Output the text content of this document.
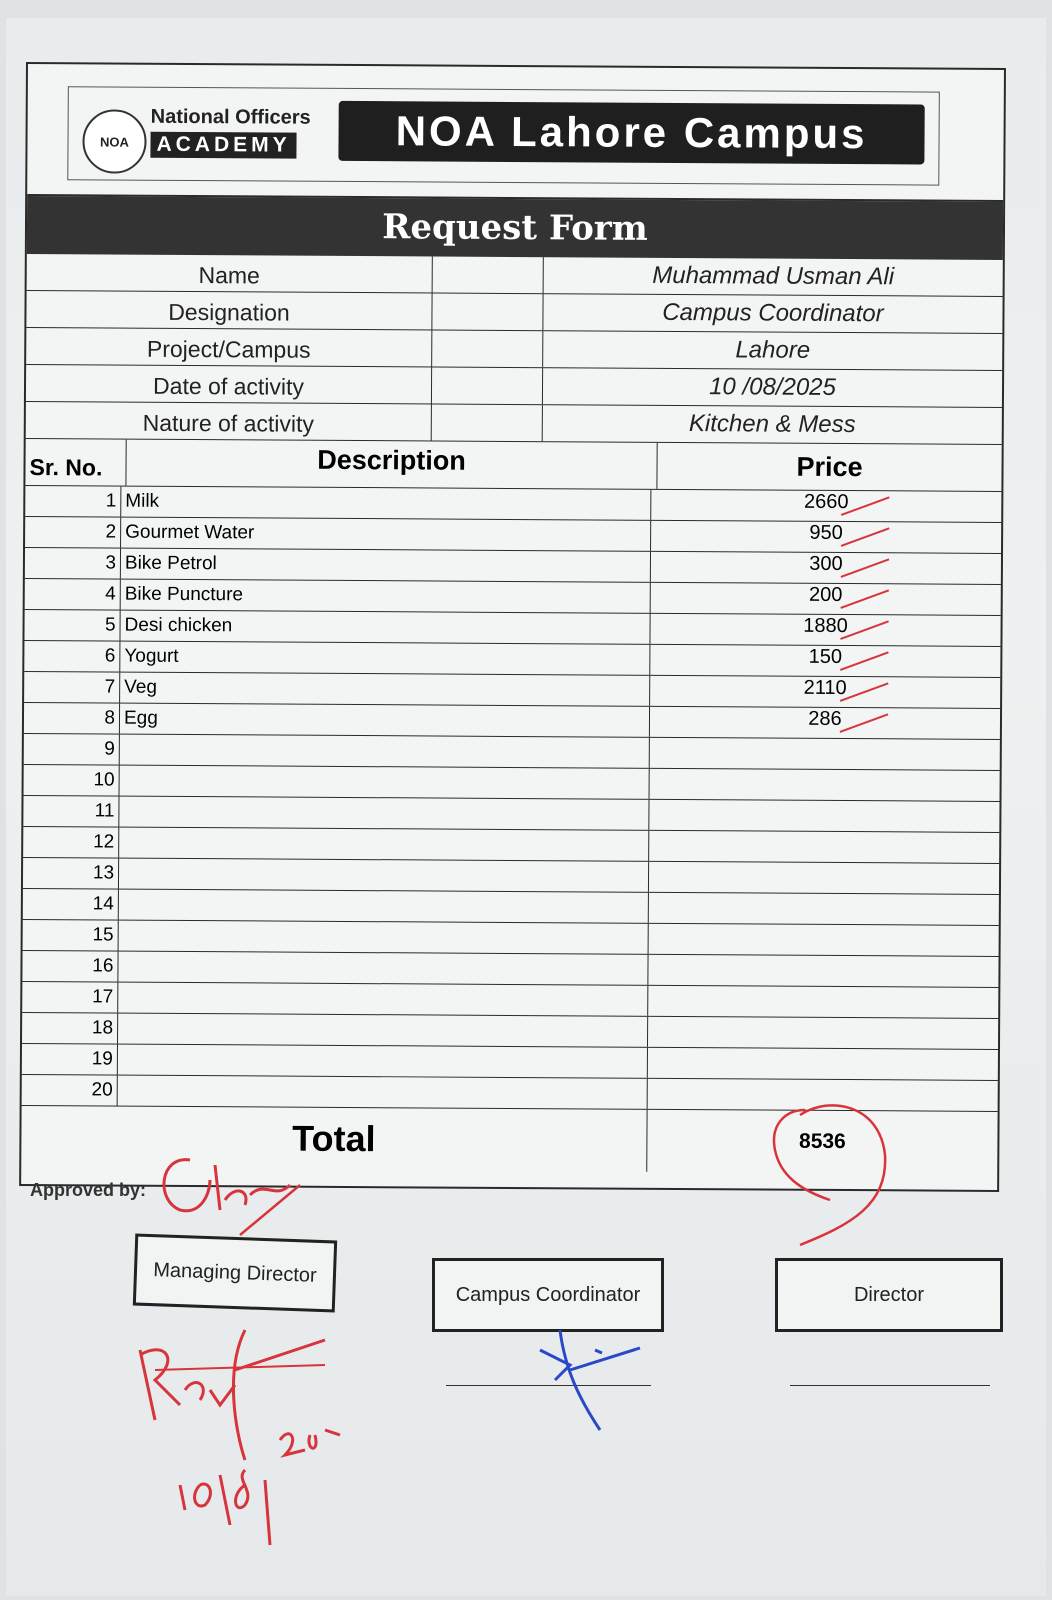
NOA
National Officers
ACADEMY	NOA Lahore Campus
Request Form
Name	Muhammad Usman Ali
Designation	Campus Coordinator
Project/Campus	Lahore
Date of activity	10 /08/2025
Nature of activity	Kitchen & Mess
Sr. No.	Description	Price
1 Milk	2660
2 Gourmet Water	950
3 Bike Petrol	300
4 Bike Puncture	200
5 Desi chicken	1880
6 Yogurt	150
7 Veg	2110
8 Egg	286
9
10
11
12
13
14
15
16
17
18
19
20
Total	8536
Approved by:
Managing Director
Campus Coordinator	Director
